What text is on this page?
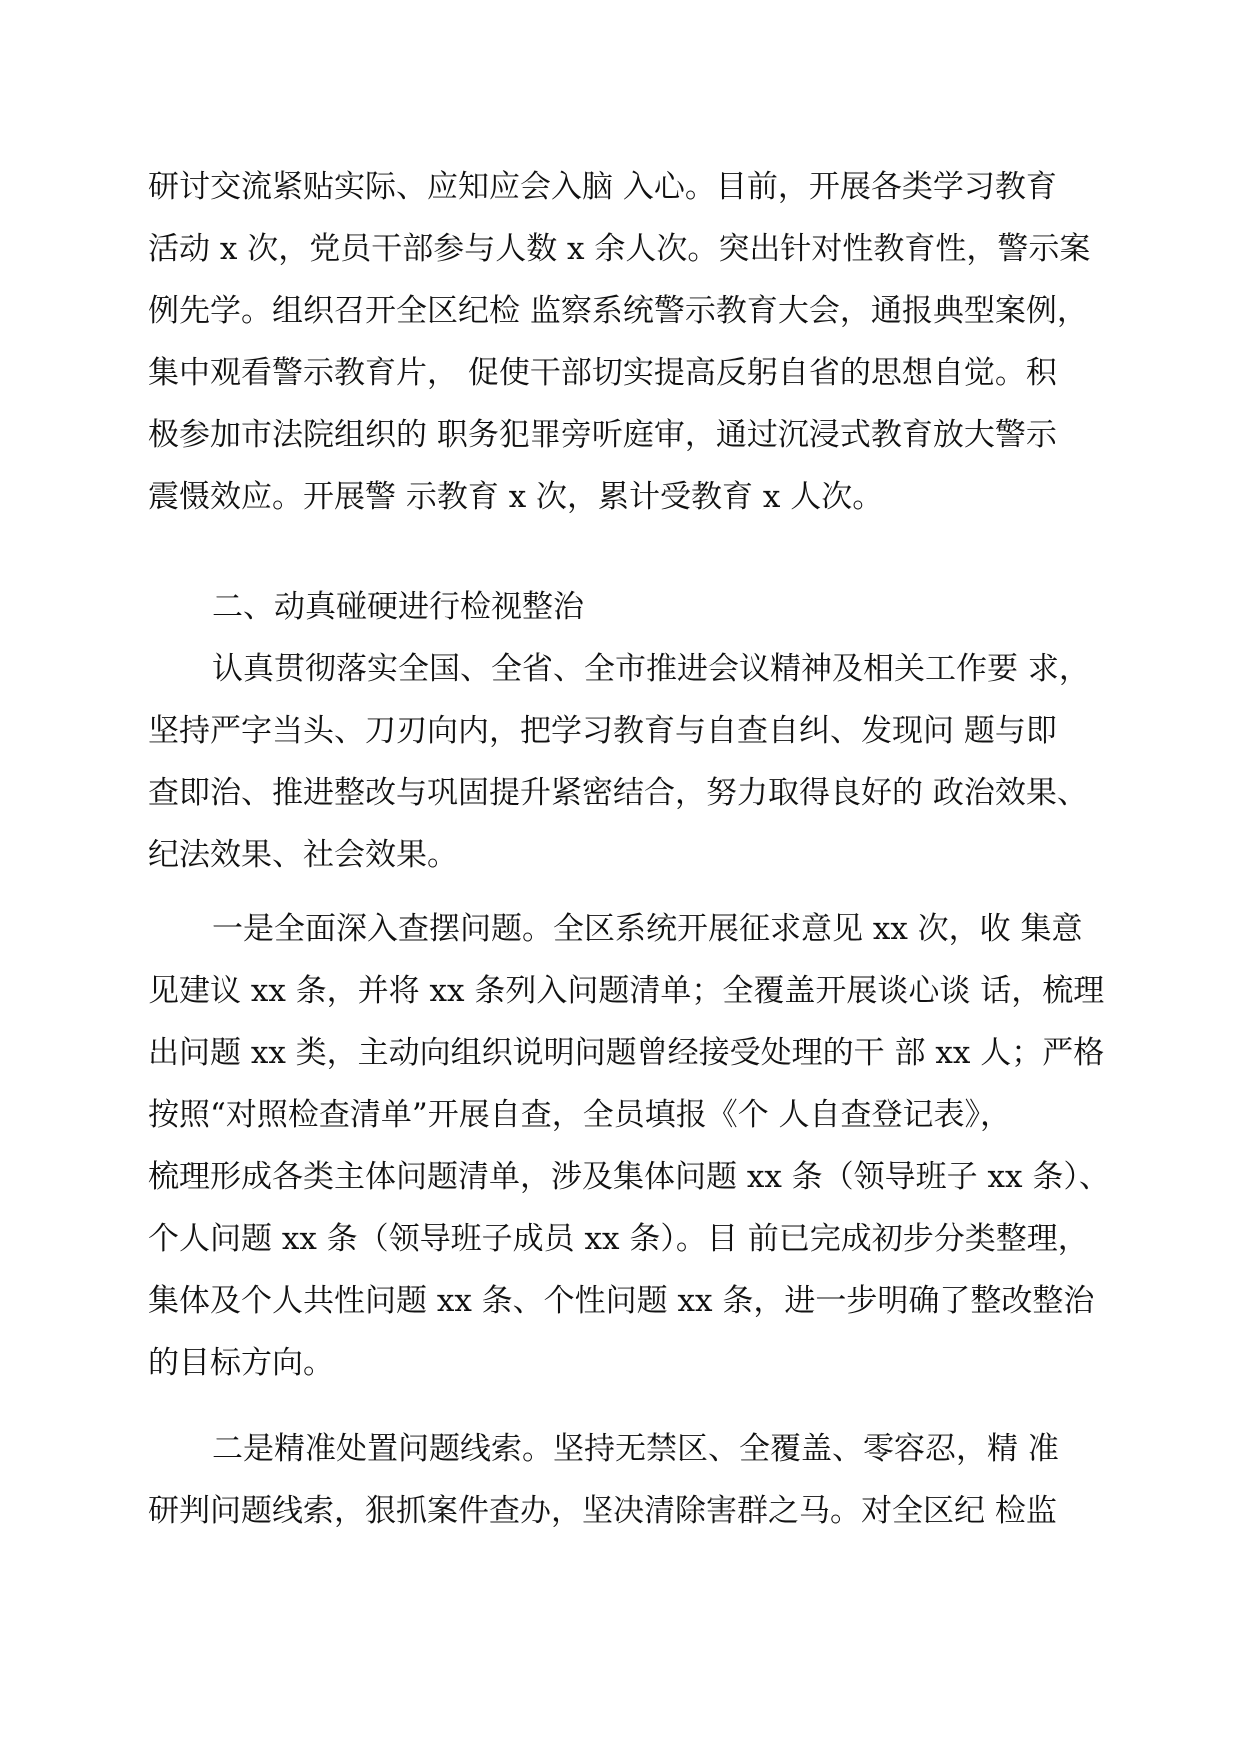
研讨交流紧贴实际、应知应会入脑 入心。目前，开展各类学习教育
活动 x 次，党员干部参与人数 x 余人次。突出针对性教育性，警示案
例先学。组织召开全区纪检 监察系统警示教育大会，通报典型案例，
集中观看警示教育片， 促使干部切实提高反躬自省的思想自觉。积
极参加市法院组织的 职务犯罪旁听庭审，通过沉浸式教育放大警示
震慑效应。开展警 示教育 x 次，累计受教育 x 人次。
二、动真碰硬进行检视整治
认真贯彻落实全国、全省、全市推进会议精神及相关工作要 求，
坚持严字当头、刀刃向内，把学习教育与自查自纠、发现问 题与即
查即治、推进整改与巩固提升紧密结合，努力取得良好的 政治效果、
纪法效果、社会效果。
一是全面深入查摆问题。全区系统开展征求意见 xx 次，收 集意
见建议 xx 条，并将 xx 条列入问题清单；全覆盖开展谈心谈 话，梳理
出问题 xx 类，主动向组织说明问题曾经接受处理的干 部 xx 人；严格
按照“对照检查清单”开展自查，全员填报《个 人自查登记表》，
梳理形成各类主体问题清单，涉及集体问题 xx 条（领导班子 xx 条）、
个人问题 xx 条（领导班子成员 xx 条）。目 前已完成初步分类整理，
集体及个人共性问题 xx 条、个性问题 xx 条，进一步明确了整改整治
的目标方向。
二是精准处置问题线索。坚持无禁区、全覆盖、零容忍，精 准
研判问题线索，狠抓案件查办，坚决清除害群之马。对全区纪 检监
